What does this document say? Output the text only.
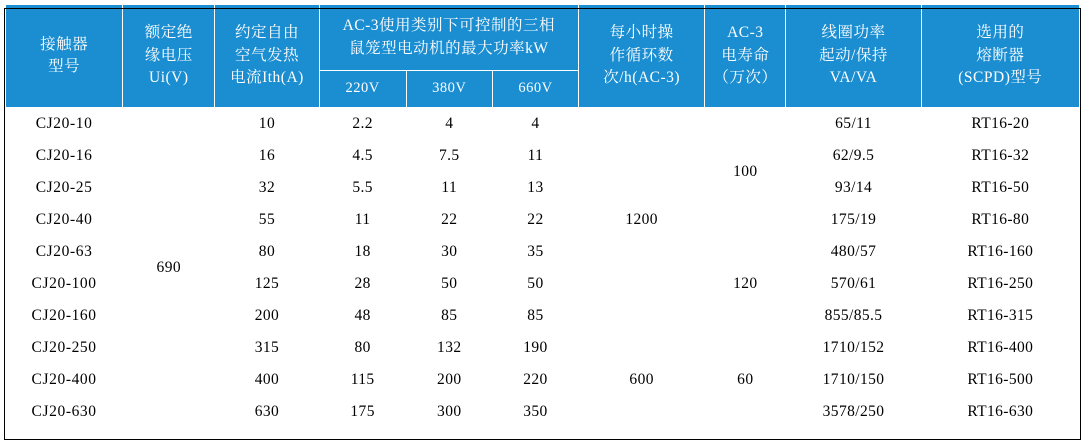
接触器
型号

额定绝
缘电压
Ui(V)

约定自由
空气发热
电流Ith(A)

AC-3使用类别下可控制的三相
鼠笼型电动机的最大功率kW

每小时操
作循环数
次/h(AC-3)

AC-3
电寿命
（万次）

线圈功率
起动/保持
VA/VA

选用的
熔断器
(SCPD)型号

			220V	380V	660V				
CJ20-10	690	10	2.2	4	4	1200	100	65/11	RT16-20
CJ20-16		16	4.5	7.5	11			62/9.5	RT16-32
CJ20-25		32	5.5	11	13			93/14	RT16-50
CJ20-40		55	11	22	22			175/19	RT16-80
CJ20-63		80	18	30	35		120	480/57	RT16-160
CJ20-100		125	28	50	50			570/61	RT16-250
CJ20-160		200	48	85	85			855/85.5	RT16-315
CJ20-250		315	80	132	190	600	60	1710/152	RT16-400
CJ20-400		400	115	200	220			1710/150	RT16-500
CJ20-630		630	175	300	350			3578/250	RT16-630
